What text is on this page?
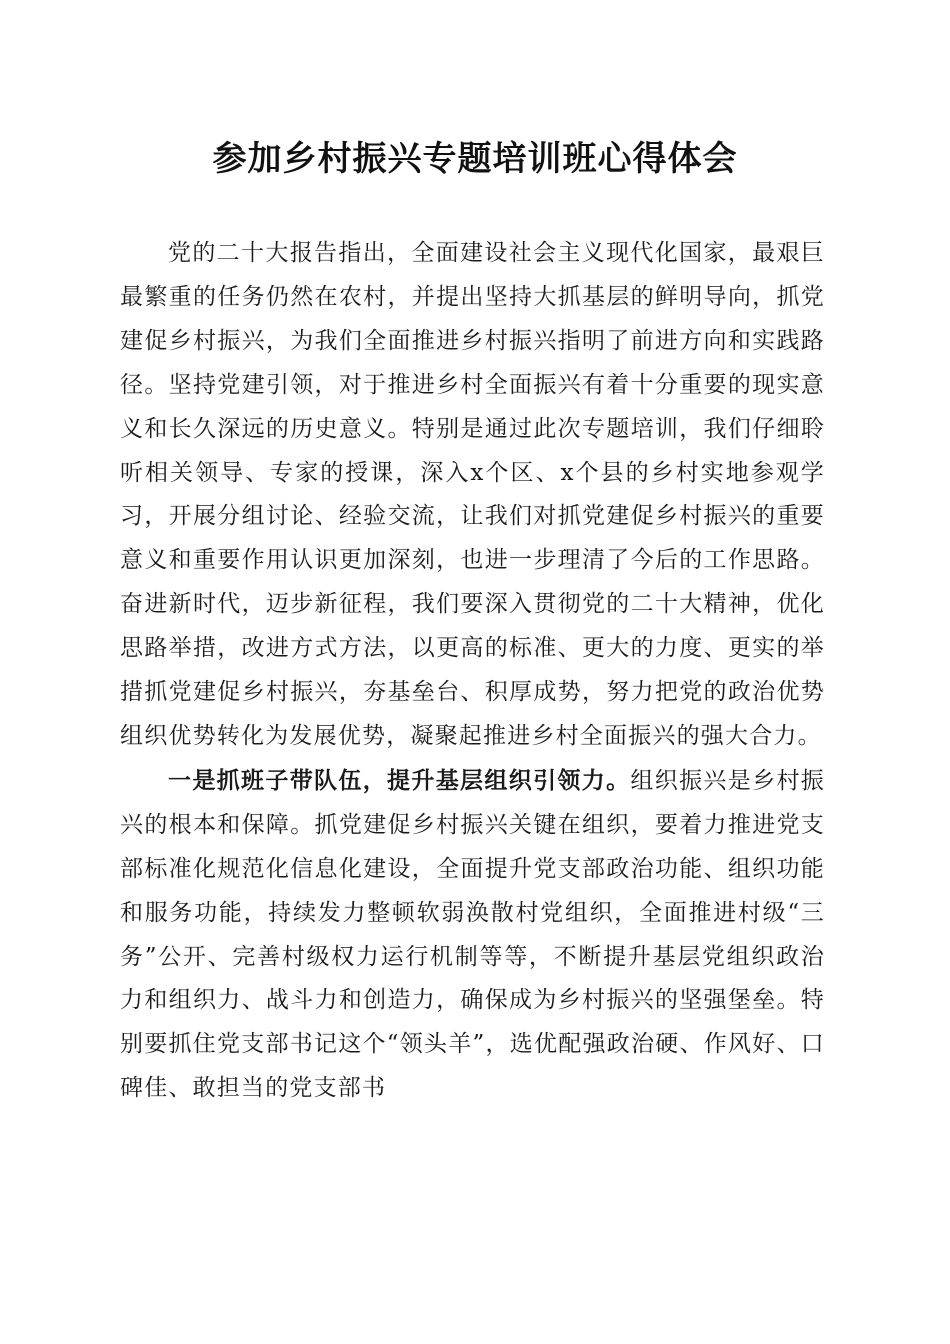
参加乡村振兴专题培训班心得体会

党的二十大报告指出，全面建设社会主义现代化国家，最艰巨最繁重的任务仍然在农村，并提出坚持大抓基层的鲜明导向，抓党建促乡村振兴，为我们全面推进乡村振兴指明了前进方向和实践路径。坚持党建引领，对于推进乡村全面振兴有着十分重要的现实意义和长久深远的历史意义。特别是通过此次专题培训，我们仔细聆听相关领导、专家的授课，深入x个区、x个县的乡村实地参观学习，开展分组讨论、经验交流，让我们对抓党建促乡村振兴的重要意义和重要作用认识更加深刻，也进一步理清了今后的工作思路。奋进新时代，迈步新征程，我们要深入贯彻党的二十大精神，优化思路举措，改进方式方法，以更高的标准、更大的力度、更实的举措抓党建促乡村振兴，夯基垒台、积厚成势，努力把党的政治优势组织优势转化为发展优势，凝聚起推进乡村全面振兴的强大合力。

一是抓班子带队伍，提升基层组织引领力。组织振兴是乡村振兴的根本和保障。抓党建促乡村振兴关键在组织，要着力推进党支部标准化规范化信息化建设，全面提升党支部政治功能、组织功能和服务功能，持续发力整顿软弱涣散村党组织，全面推进村级“三务”公开、完善村级权力运行机制等等，不断提升基层党组织政治力和组织力、战斗力和创造力，确保成为乡村振兴的坚强堡垒。特别要抓住党支部书记这个“领头羊”，选优配强政治硬、作风好、口碑佳、敢担当的党支部书
